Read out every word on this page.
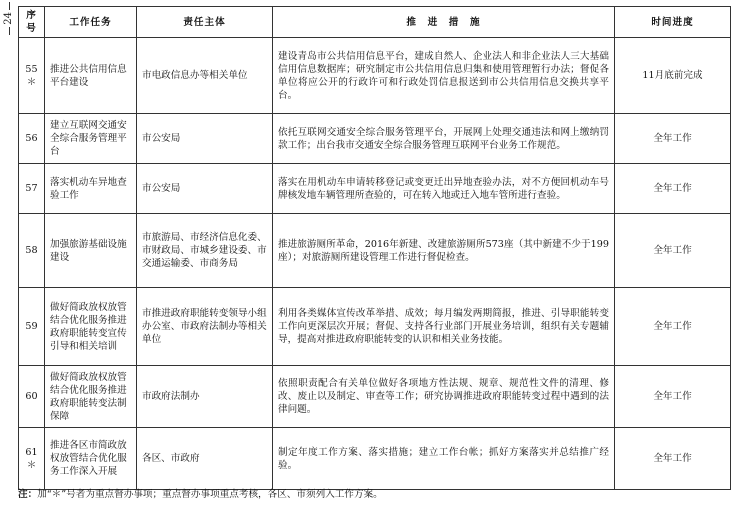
24 序号	工作任务	责任主体	推　进　措　施	时间进度
55＊	推进公共信用信息平台建设	市电政信息办等相关单位	建设青岛市公共信用信息平台，建成自然人、企业法人和非企业法人三大基础信用信息数据库；研究制定市公共信用信息归集和使用管理暂行办法；督促各单位将应公开的行政许可和行政处罚信息报送到市公共信用信息交换共享平台。	11月底前完成
56	建立互联网交通安全综合服务管理平台	市公安局	依托互联网交通安全综合服务管理平台，开展网上处理交通违法和网上缴纳罚款工作；出台我市交通安全综合服务管理互联网平台业务工作规范。	全年工作
57	落实机动车异地查验工作	市公安局	落实在用机动车申请转移登记或变更迁出异地查验办法，对不方便回机动车号牌核发地车辆管理所查验的，可在转入地或迁入地车管所进行查验。	全年工作
58	加强旅游基础设施建设	市旅游局、市经济信息化委、市财政局、市城乡建设委、市交通运输委、市商务局	推进旅游厕所革命，2016年新建、改建旅游厕所573座（其中新建不少于199座）；对旅游厕所建设管理工作进行督促检查。	全年工作
59	做好简政放权放管结合优化服务推进政府职能转变宣传引导和相关培训	市推进政府职能转变领导小组办公室、市政府法制办等相关单位	利用各类媒体宣传改革举措、成效；每月编发两期简报，推进、引导职能转变工作向更深层次开展；督促、支持各行业部门开展业务培训，组织有关专题辅导，提高对推进政府职能转变的认识和相关业务技能。	全年工作
60	做好简政放权放管结合优化服务推进政府职能转变法制保障	市政府法制办	依照职责配合有关单位做好各项地方性法规、规章、规范性文件的清理、修改、废止以及制定、审查等工作；研究协调推进政府职能转变过程中遇到的法律问题。	全年工作
61＊	推进各区市简政放权放管结合优化服务工作深入开展	各区、市政府	制定年度工作方案、落实措施；建立工作台帐；抓好方案落实并总结推广经验。	全年工作
注：加“＊”号者为重点督办事项；重点督办事项重点考核，各区、市须列入工作方案。
